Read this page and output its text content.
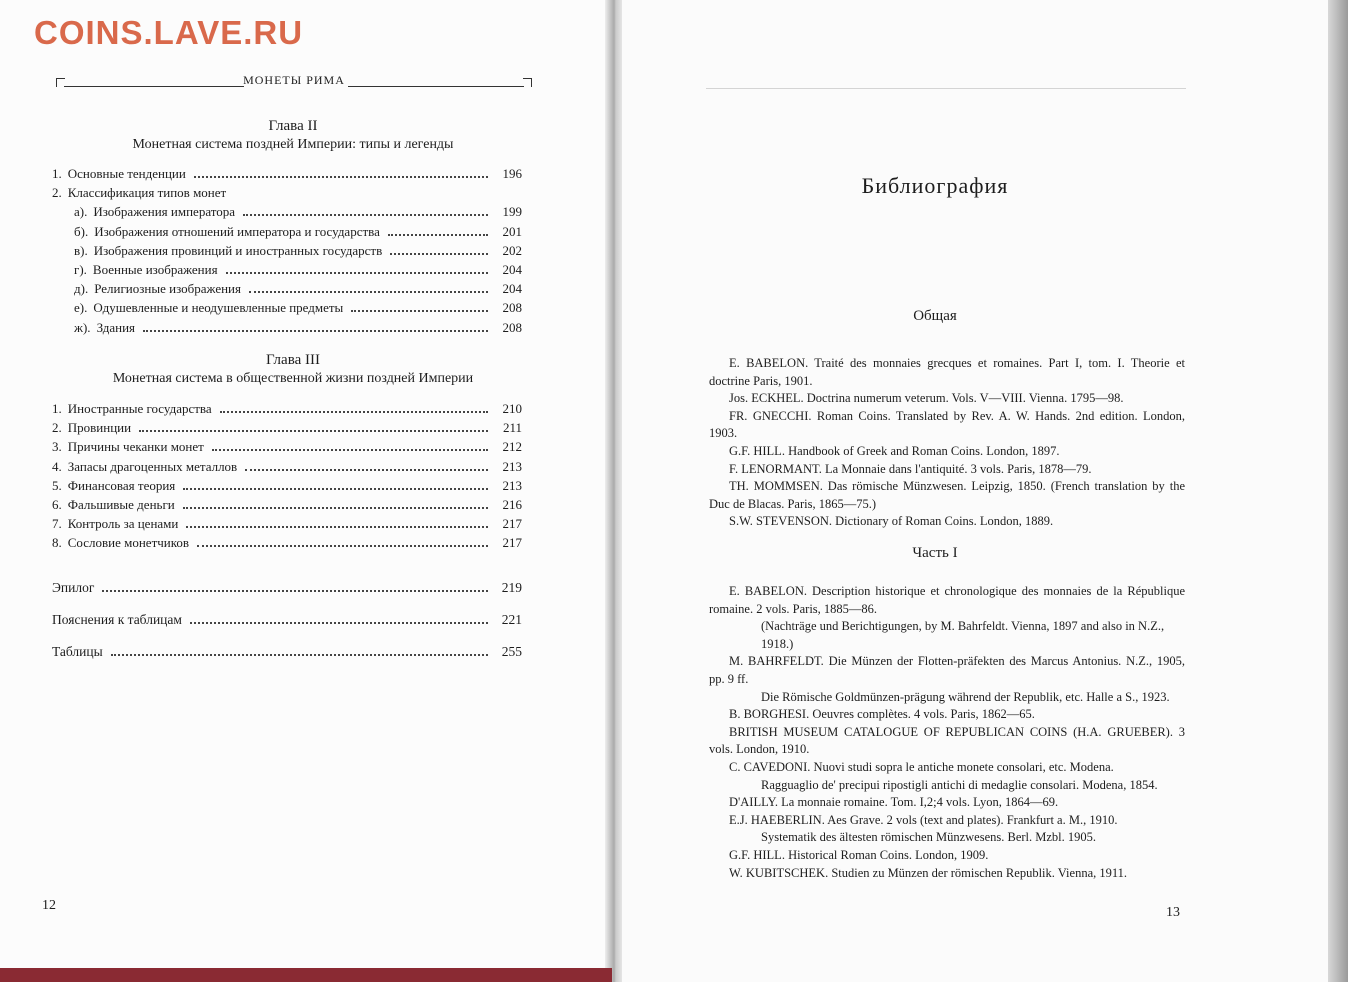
COINS.LAVE.RU
МОНЕТЫ РИМА
Глава II
Монетная система поздней Империи: типы и легенды
1. Основные тенденции	196
2. Классификация типов монет
а). Изображения императора	199
б). Изображения отношений императора и государства	201
в). Изображения провинций и иностранных государств	202
г). Военные изображения	204
д). Религиозные изображения	204
е). Одушевленные и неодушевленные предметы	208
ж). Здания	208
Глава III
Монетная система в общественной жизни поздней Империи
1. Иностранные государства	210
2. Провинции	211
3. Причины чеканки монет	212
4. Запасы драгоценных металлов	213
5. Финансовая теория	213
6. Фальшивые деньги	216
7. Контроль за ценами	217
8. Сословие монетчиков	217
Эпилог	219
Пояснения к таблицам	221
Таблицы	255
12
Библиография
Общая

E. BABELON. Traité des monnaies grecques et romaines. Part I, tom. I. Theorie et doctrine Paris, 1901.

Jos. ECKHEL. Doctrina numerum veterum. Vols. V—VIII. Vienna. 1795—98.

FR. GNECCHI. Roman Coins. Translated by Rev. A. W. Hands. 2nd edition. London, 1903.

G.F. HILL. Handbook of Greek and Roman Coins. London, 1897.

F. LENORMANT. La Monnaie dans l'antiquité. 3 vols. Paris, 1878—79.

TH. MOMMSEN. Das römische Münzwesen. Leipzig, 1850. (French translation by the Duc de Blacas. Paris, 1865—75.)

S.W. STEVENSON. Dictionary of Roman Coins. London, 1889.

Часть I

E. BABELON. Description historique et chronologique des monnaies de la République romaine. 2 vols. Paris, 1885—86.

(Nachträge und Berichtigungen, by M. Bahrfeldt. Vienna, 1897 and also in N.Z., 1918.)

M. BAHRFELDT. Die Münzen der Flotten-präfekten des Marcus Antonius. N.Z., 1905, pp. 9 ff.

Die Römische Goldmünzen-prägung während der Republik, etc. Halle a S., 1923.

B. BORGHESI. Oeuvres complètes. 4 vols. Paris, 1862—65.

BRITISH MUSEUM CATALOGUE OF REPUBLICAN COINS (H.A. GRUEBER). 3 vols. London, 1910.

C. CAVEDONI. Nuovi studi sopra le antiche monete consolari, etc. Modena.

Ragguaglio de' precipui ripostigli antichi di medaglie consolari. Modena, 1854.

D'AILLY. La monnaie romaine. Tom. I,2;4 vols. Lyon, 1864—69.

E.J. HAEBERLIN. Aes Grave. 2 vols (text and plates). Frankfurt a. M., 1910.

Systematik des ältesten römischen Münzwesens. Berl. Mzbl. 1905.

G.F. HILL. Historical Roman Coins. London, 1909.

W. KUBITSCHEK. Studien zu Münzen der römischen Republik. Vienna, 1911.

13
